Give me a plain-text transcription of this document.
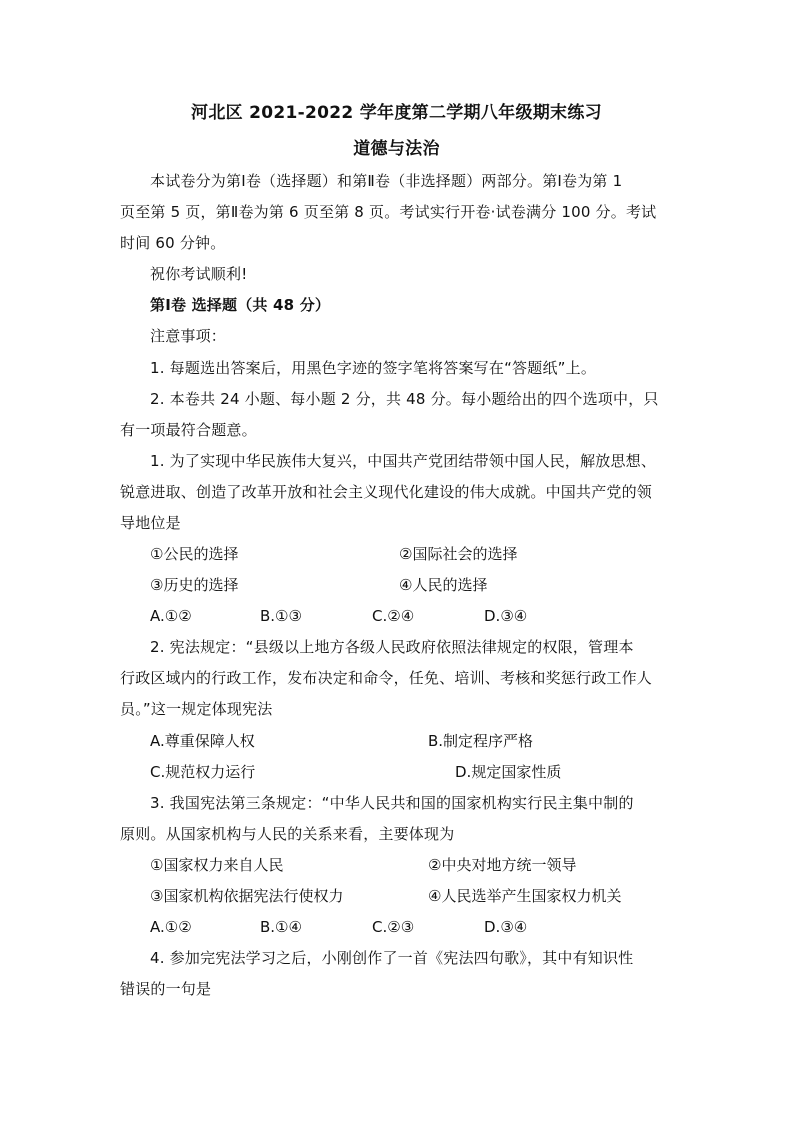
河北区 2021-2022 学年度第二学期八年级期末练习
道德与法治
本试卷分为第Ⅰ卷（选择题）和第Ⅱ卷（非选择题）两部分。第Ⅰ卷为第 1
页至第 5 页，第Ⅱ卷为第 6 页至第 8 页。考试实行开卷·试卷满分 100 分。考试
时间 60 分钟。
祝你考试顺利!
第Ⅰ卷 选择题（共 48 分）
注意事项：
1. 每题选出答案后，用黑色字迹的签字笔将答案写在“答题纸”上。
2. 本卷共 24 小题、每小题 2 分，共 48 分。每小题给出的四个选项中，只
有一项最符合题意。
1. 为了实现中华民族伟大复兴，中国共产党团结带领中国人民，解放思想、
锐意进取、创造了改革开放和社会主义现代化建设的伟大成就。中国共产党的领
导地位是
①公民的选择	②国际社会的选择
③历史的选择	④人民的选择
A.①②	B.①③	C.②④	D.③④
2. 宪法规定：“县级以上地方各级人民政府依照法律规定的权限，管理本
行政区域内的行政工作，发布决定和命令，任免、培训、考核和奖惩行政工作人
员。”这一规定体现宪法
A.尊重保障人权	B.制定程序严格
C.规范权力运行	D.规定国家性质
3. 我国宪法第三条规定：“中华人民共和国的国家机构实行民主集中制的
原则。从国家机构与人民的关系来看，主要体现为
①国家权力来自人民	②中央对地方统一领导
③国家机构依据宪法行使权力	④人民选举产生国家权力机关
A.①②	B.①④	C.②③	D.③④
4. 参加完宪法学习之后，小刚创作了一首《宪法四句歌》，其中有知识性
错误的一句是
